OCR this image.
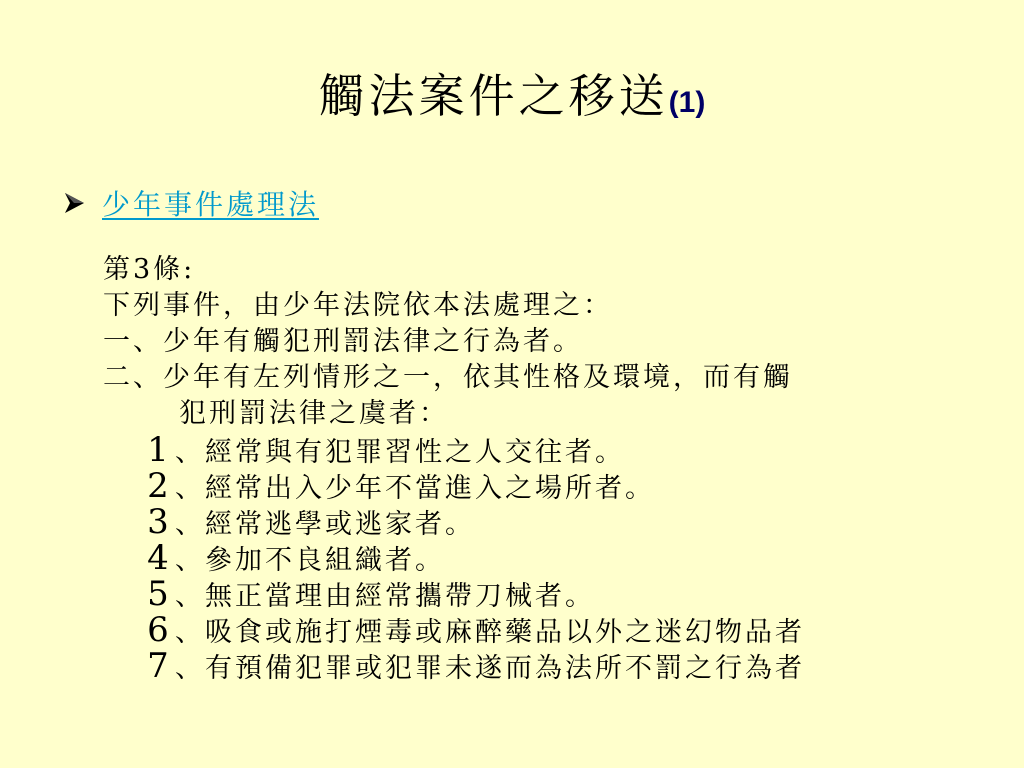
觸法案件之移送(1)
少年事件處理法
第3條:
下列事件，由少年法院依本法處理之：
一、少年有觸犯刑罰法律之行為者。
二、少年有左列情形之一，依其性格及環境，而有觸
犯刑罰法律之虞者：
1 、經常與有犯罪習性之人交往者。
2 、經常出入少年不當進入之場所者。
3 、經常逃學或逃家者。
4 、參加不良組織者。
5 、無正當理由經常攜帶刀械者。
6 、吸食或施打煙毒或麻醉藥品以外之迷幻物品者
7 、有預備犯罪或犯罪未遂而為法所不罰之行為者
